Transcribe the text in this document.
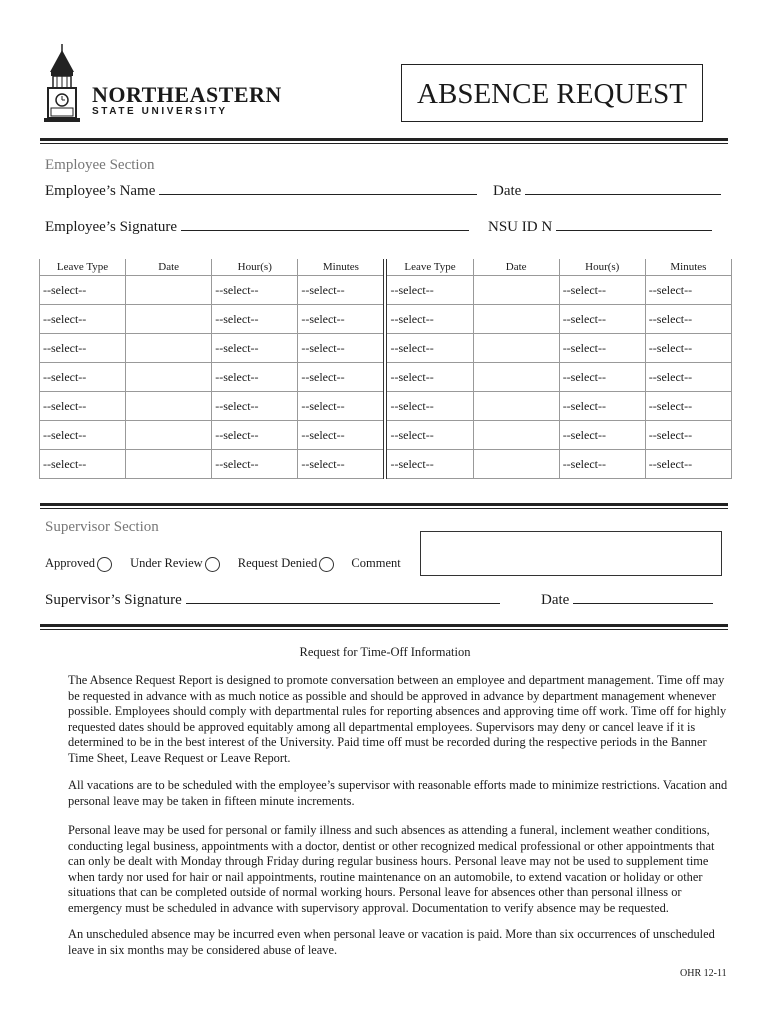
NORTHEASTERN
STATE UNIVERSITY
ABSENCE REQUEST
Employee Section
Employee’s Name	Date
Employee’s Signature	NSU ID N
Leave Type	Date	Hour(s)	Minutes	Leave Type	Date	Hour(s)	Minutes
--select--		--select--	--select--	--select--		--select--	--select--
--select--		--select--	--select--	--select--		--select--	--select--
--select--		--select--	--select--	--select--		--select--	--select--
--select--		--select--	--select--	--select--		--select--	--select--
--select--		--select--	--select--	--select--		--select--	--select--
--select--		--select--	--select--	--select--		--select--	--select--
--select--		--select--	--select--	--select--		--select--	--select--
Supervisor Section
Approved	Under Review	Request Denied	Comment
Supervisor’s Signature	Date
Request for Time-Off Information
The Absence Request Report is designed to promote conversation between an employee and department management. Time off may be requested in advance with as much notice as possible and should be approved in advance by department management whenever possible. Employees should comply with departmental rules for reporting absences and approving time off work. Time off for highly requested dates should be approved equitably among all departmental employees. Supervisors may deny or cancel leave if it is determined to be in the best interest of the University. Paid time off must be recorded during the respective periods in the Banner Time Sheet, Leave Request or Leave Report.
All vacations are to be scheduled with the employee’s supervisor with reasonable efforts made to minimize restrictions. Vacation and personal leave may be taken in fifteen minute increments.
Personal leave may be used for personal or family illness and such absences as attending a funeral, inclement weather conditions, conducting legal business, appointments with a doctor, dentist or other recognized medical professional or other appointments that can only be dealt with Monday through Friday during regular business hours. Personal leave may not be used to supplement time when tardy nor used for hair or nail appointments, routine maintenance on an automobile, to extend vacation or holiday or other situations that can be completed outside of normal working hours. Personal leave for absences other than personal illness or emergency must be scheduled in advance with supervisory approval. Documentation to verify absence may be requested.
An unscheduled absence may be incurred even when personal leave or vacation is paid. More than six occurrences of unscheduled leave in six months may be considered abuse of leave.
OHR 12-11
